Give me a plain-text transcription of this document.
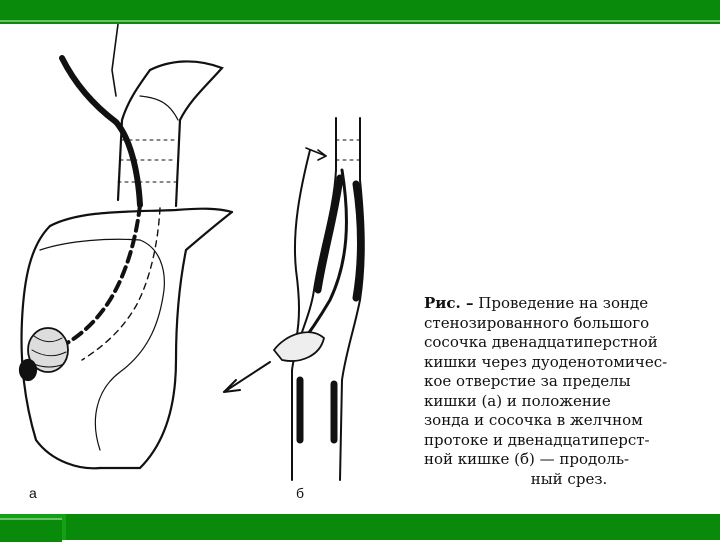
а	б
Рис. – Проведение на зонде
стенозированного большого
сосочка двенадцатиперстной
кишки через дуоденотомичес-
кое отверстие за пределы
кишки (а) и положение
зонда и сосочка в желчном
протоке и двенадцатиперст-
ной кишке (б) — продоль-
ный срез.
